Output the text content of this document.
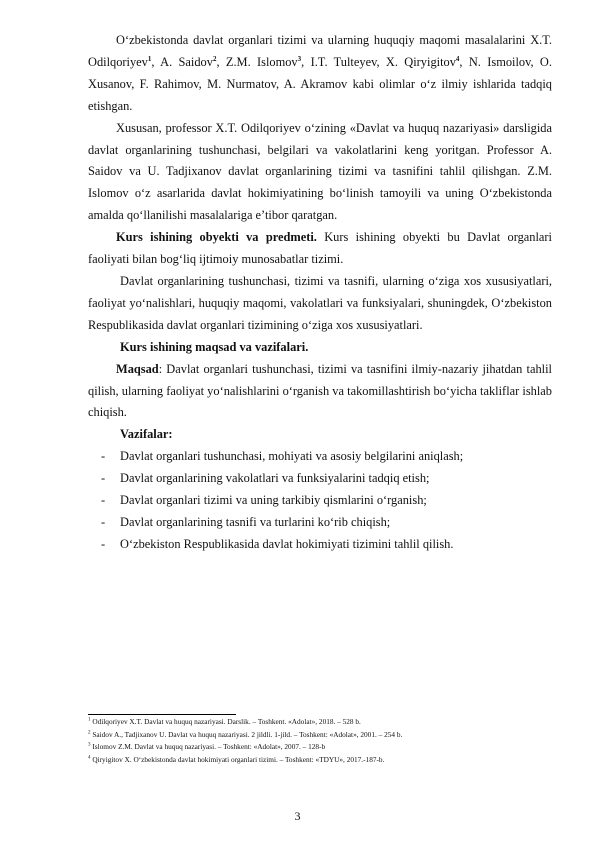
O‘zbekistonda davlat organlari tizimi va ularning huquqiy maqomi masalalarini X.T. Odilqoriyev$^1$, A. Saidov$^2$, Z.M. Islomov$^3$, I.T. Tulteyev, X. Qiryigitov$^4$, N. Ismoilov, O. Xusanov, F. Rahimov, M. Nurmatov, A. Akramov kabi olimlar o‘z ilmiy ishlarida tadqiq etishgan.

Xususan, professor X.T. Odilqoriyev o‘zining «Davlat va huquq nazariyasi» darsligida davlat organlarining tushunchasi, belgilari va vakolatlarini keng yoritgan. Professor A. Saidov va U. Tadjixanov davlat organlarining tizimi va tasnifini tahlil qilishgan. Z.M. Islomov o‘z asarlarida davlat hokimiyatining bo‘linish tamoyili va uning O‘zbekistonda amalda qo‘llanilishi masalalariga e’tibor qaratgan.

Kurs ishining obyekti va predmeti. Kurs ishining obyekti bu Davlat organlari faoliyati bilan bog‘liq ijtimoiy munosabatlar tizimi.

Davlat organlarining tushunchasi, tizimi va tasnifi, ularning o‘ziga xos xususiyatlari, faoliyat yo‘nalishlari, huquqiy maqomi, vakolatlari va funksiyalari, shuningdek, O‘zbekiston Respublikasida davlat organlari tizimining o‘ziga xos xususiyatlari.

Kurs ishining maqsad va vazifalari.

Maqsad: Davlat organlari tushunchasi, tizimi va tasnifini ilmiy-nazariy jihatdan tahlil qilish, ularning faoliyat yo‘nalishlarini o‘rganish va takomillashtirish bo‘yicha takliflar ishlab chiqish.

Vazifalar:

- Davlat organlari tushunchasi, mohiyati va asosiy belgilarini aniqlash;

- Davlat organlarining vakolatlari va funksiyalarini tadqiq etish;

- Davlat organlari tizimi va uning tarkibiy qismlarini o‘rganish;

- Davlat organlarining tasnifi va turlarini ko‘rib chiqish;

- O‘zbekiston Respublikasida davlat hokimiyati tizimini tahlil qilish.

$^1$ Odilqoriyev X.T. Davlat va huquq nazariyasi. Darslik. – Toshkent. «Adolat», 2018. – 528 b.

$^2$ Saidov A., Tadjixanov U. Davlat va huquq nazariyasi. 2 jildli. 1-jild. – Toshkent: «Adolat», 2001. – 254 b.

$^3$ Islomov Z.M. Davlat va huquq nazariyasi. – Toshkent: «Adolat», 2007. – 128-b

$^4$ Qiryigitov X. O‘zbekistonda davlat hokimiyati organlari tizimi. – Toshkent: «TDYU», 2017.-187-b.

3
